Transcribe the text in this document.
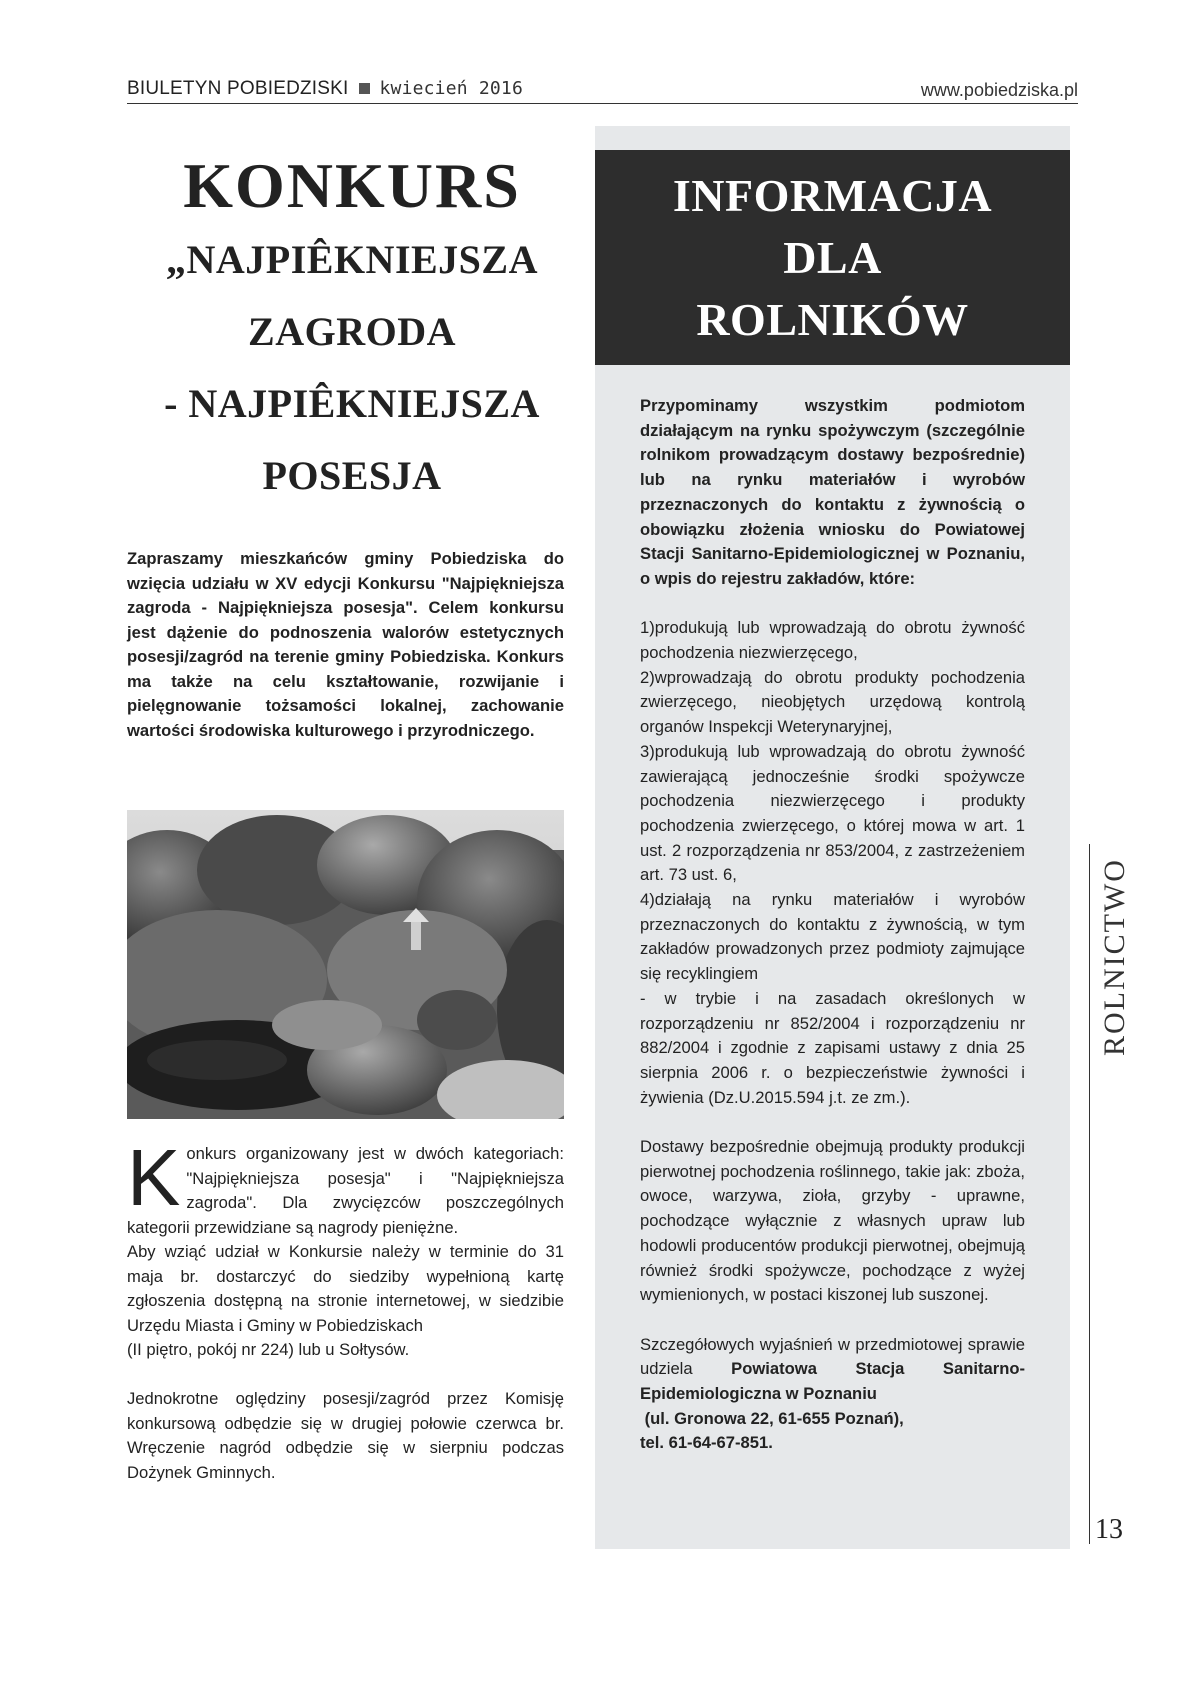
BIULETYN POBIEDZISKI kwiecień 2016	www.pobiedziska.pl
KONKURS
„NAJPIÊKNIEJSZA
ZAGRODA
- NAJPIÊKNIEJSZA
POSESJA
Zapraszamy mieszkańców gminy Pobiedziska do wzięcia udziału w XV edycji Konkursu "Najpiękniejsza zagroda - Najpiękniejsza posesja". Celem konkursu jest dążenie do podnoszenia walorów estetycznych posesji/zagród na terenie gminy Pobiedziska. Konkurs ma także na celu kształtowanie, rozwijanie i pielęgnowanie tożsamości lokalnej, zachowanie wartości środowiska kulturowego i przyrodniczego.

Konkurs organizowany jest w dwóch kategoriach: "Najpiękniejsza posesja" i "Najpiękniejsza zagroda". Dla zwycięzców poszczególnych kategorii przewidziane są nagrody pieniężne.

Aby wziąć udział w Konkursie należy w terminie do 31 maja br. dostarczyć do siedziby wypełnioną kartę zgłoszenia dostępną na stronie internetowej, w siedzibie Urzędu Miasta i Gminy w Pobiedziskach

(II piętro, pokój nr 224) lub u Sołtysów.

Jednokrotne oględziny posesji/zagród przez Komisję konkursową odbędzie się w drugiej połowie czerwca br. Wręczenie nagród odbędzie się w sierpniu podczas Dożynek Gminnych.

INFORMACJA
DLA
ROLNIKÓW

Przypominamy wszystkim podmiotom działającym na rynku spożywczym (szczególnie rolnikom prowadzącym dostawy bezpośrednie) lub na rynku materiałów i wyrobów przeznaczonych do kontaktu z żywnością o obowiązku złożenia wniosku do Powiatowej Stacji Sanitarno-Epidemiologicznej w Poznaniu, o wpis do rejestru zakładów, które:

1)produkują lub wprowadzają do obrotu żywność pochodzenia niezwierzęcego,

2)wprowadzają do obrotu produkty pochodzenia zwierzęcego, nieobjętych urzędową kontrolą organów Inspekcji Weterynaryjnej,

3)produkują lub wprowadzają do obrotu żywność zawierającą jednocześnie środki spożywcze pochodzenia niezwierzęcego i produkty pochodzenia zwierzęcego, o której mowa w art. 1 ust. 2 rozporządzenia nr 853/2004, z zastrzeżeniem art. 73 ust. 6,

4)działają na rynku materiałów i wyrobów przeznaczonych do kontaktu z żywnością, w tym zakładów prowadzonych przez podmioty zajmujące się recyklingiem

- w trybie i na zasadach określonych w rozporządzeniu nr 852/2004 i rozporządzeniu nr 882/2004 i zgodnie z zapisami ustawy z dnia 25 sierpnia 2006 r. o bezpieczeństwie żywności i żywienia (Dz.U.2015.594 j.t. ze zm.).

Dostawy bezpośrednie obejmują produkty produkcji pierwotnej pochodzenia roślinnego, takie jak: zboża, owoce, warzywa, zioła, grzyby - uprawne, pochodzące wyłącznie z własnych upraw lub hodowli producentów produkcji pierwotnej, obejmują również środki spożywcze, pochodzące z wyżej wymienionych, w postaci kiszonej lub suszonej.

Szczegółowych wyjaśnień w przedmiotowej sprawie udziela Powiatowa Stacja Sanitarno-Epidemiologiczna w Poznaniu

(ul. Gronowa 22, 61-655 Poznań),

tel. 61-64-67-851.

ROLNICTWO
13
